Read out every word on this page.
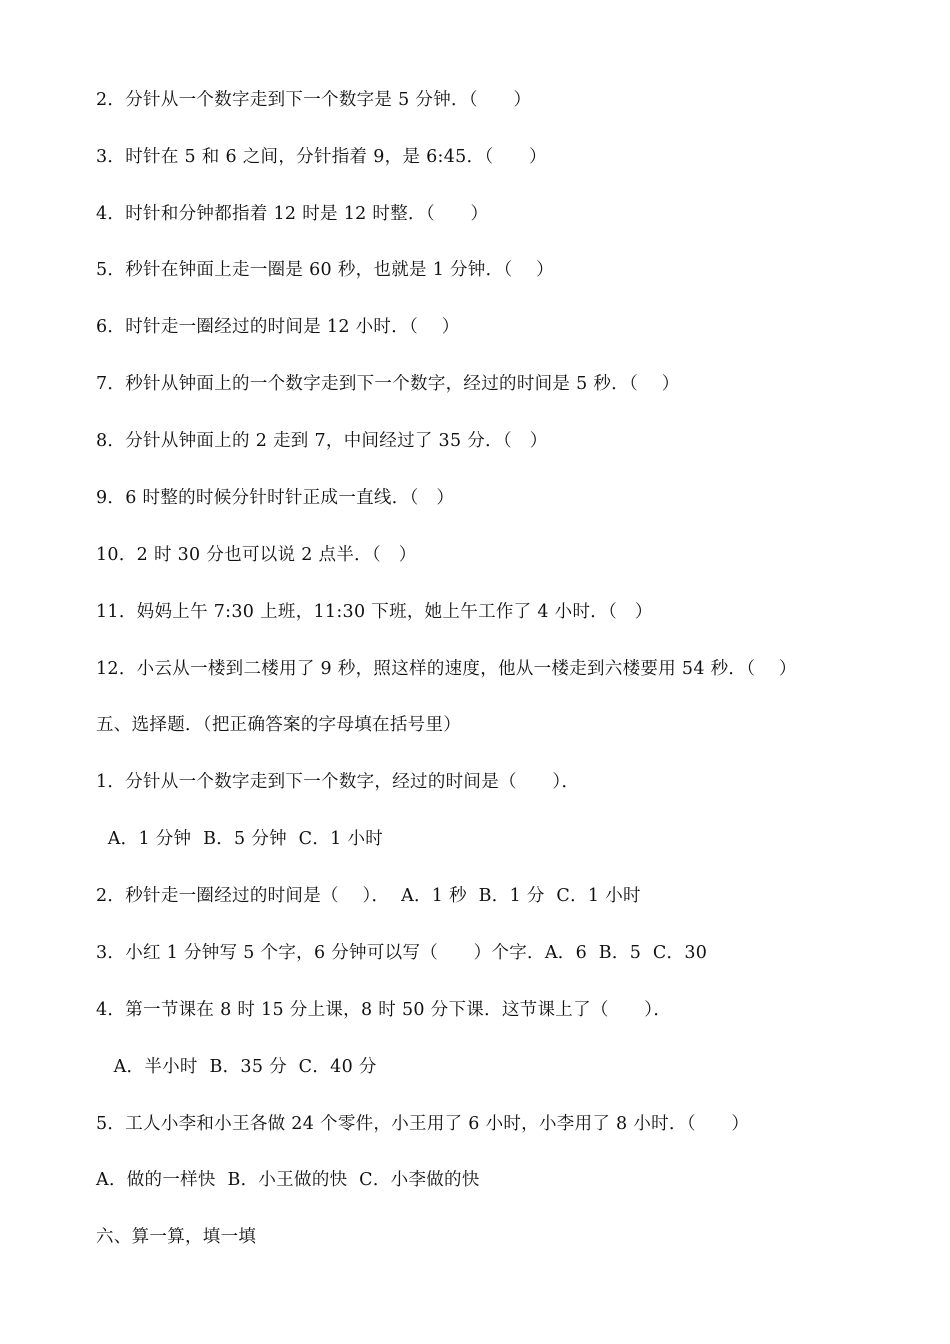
2．分针从一个数字走到下一个数字是 5 分钟．（　　）
3．时针在 5 和 6 之间，分针指着 9，是 6:45．（　　）
4．时针和分钟都指着 12 时是 12 时整．（　　）
5．秒针在钟面上走一圈是 60 秒，也就是 1 分钟．（　 ）
6．时针走一圈经过的时间是 12 小时．（　 ）
7．秒针从钟面上的一个数字走到下一个数字，经过的时间是 5 秒．（　 ）
8．分针从钟面上的 2 走到 7，中间经过了 35 分．（　）
9．6 时整的时候分针时针正成一直线．（　）
10．2 时 30 分也可以说 2 点半．（　）
11．妈妈上午 7:30 上班，11:30 下班，她上午工作了 4 小时．（　）
12．小云从一楼到二楼用了 9 秒，照这样的速度，他从一楼走到六楼要用 54 秒．（　 ）
五、选择题．（把正确答案的字母填在括号里）
1．分针从一个数字走到下一个数字，经过的时间是（　　）．
A．1 分钟  B．5 分钟  C．1 小时
2．秒针走一圈经过的时间是（　 ）．  A．1 秒  B．1 分  C．1 小时
3．小红 1 分钟写 5 个字，6 分钟可以写（　　）个字．A．6  B．5  C．30
4．第一节课在 8 时 15 分上课，8 时 50 分下课．这节课上了（　　）．
A．半小时  B．35 分  C．40 分
5．工人小李和小王各做 24 个零件，小王用了 6 小时，小李用了 8 小时．（　　）
A．做的一样快  B．小王做的快  C．小李做的快
六、算一算，填一填
